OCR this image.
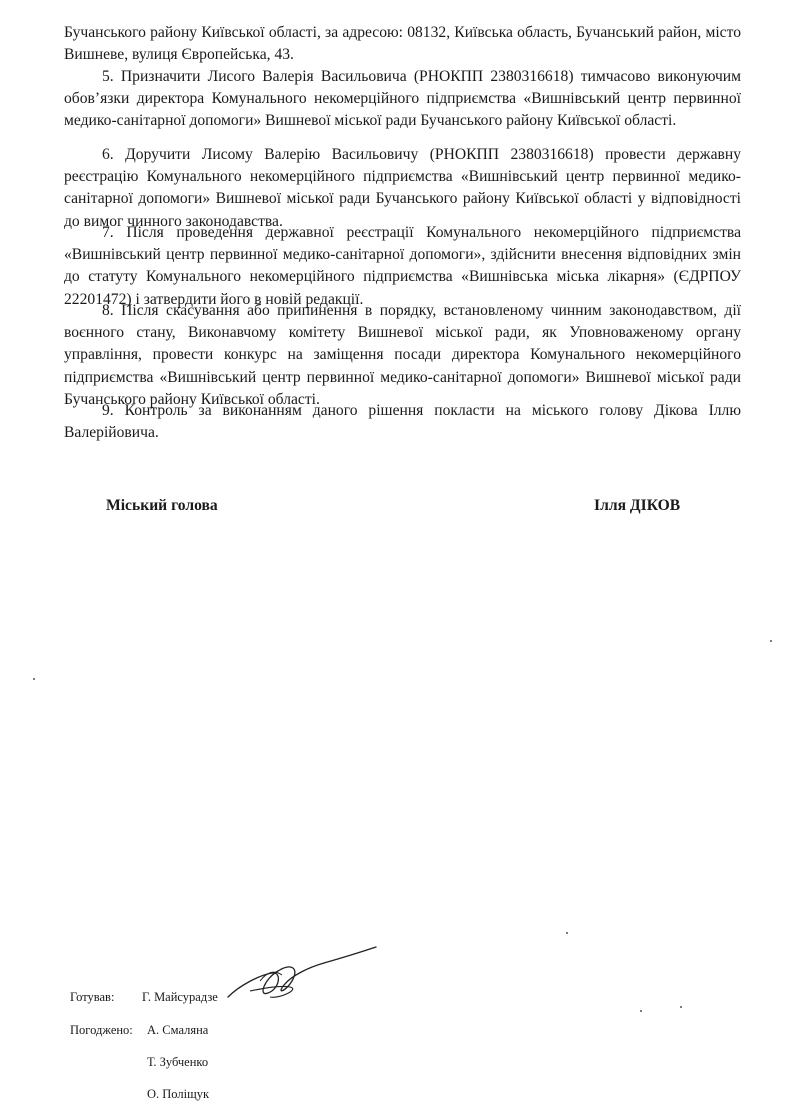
Бучанського району Київської області, за адресою: 08132, Київська область, Бучанський район, місто Вишневе, вулиця Європейська, 43.

5. Призначити Лисого Валерія Васильовича (РНОКПП 2380316618) тимчасово виконуючим обов’язки директора Комунального некомерційного підприємства «Вишнівський центр первинної медико-санітарної допомоги» Вишневої міської ради Бучанського району Київської області.

6. Доручити Лисому Валерію Васильовичу (РНОКПП 2380316618) провести державну реєстрацію Комунального некомерційного підприємства «Вишнівський центр первинної медико-санітарної допомоги» Вишневої міської ради Бучанського району Київської області у відповідності до вимог чинного законодавства.

7. Після проведення державної реєстрації Комунального некомерційного підприємства «Вишнівський центр первинної медико-санітарної допомоги», здійснити внесення відповідних змін до статуту Комунального некомерційного підприємства «Вишнівська міська лікарня» (ЄДРПОУ 22201472) і затвердити його в новій редакції.

8. Після скасування або припинення в порядку, встановленому чинним законодавством, дії воєнного стану, Виконавчому комітету Вишневої міської ради, як Уповноваженому органу управління, провести конкурс на заміщення посади директора Комунального некомерційного підприємства «Вишнівський центр первинної медико-санітарної допомоги» Вишневої міської ради Бучанського району Київської області.

9. Контроль за виконанням даного рішення покласти на міського голову Дікова Іллю Валерійовича.

Міський голова	Ілля ДІКОВ
Готував: Г. Майсурадзе
Погоджено: А. Смаляна
Т. Зубченко
О. Поліщук
